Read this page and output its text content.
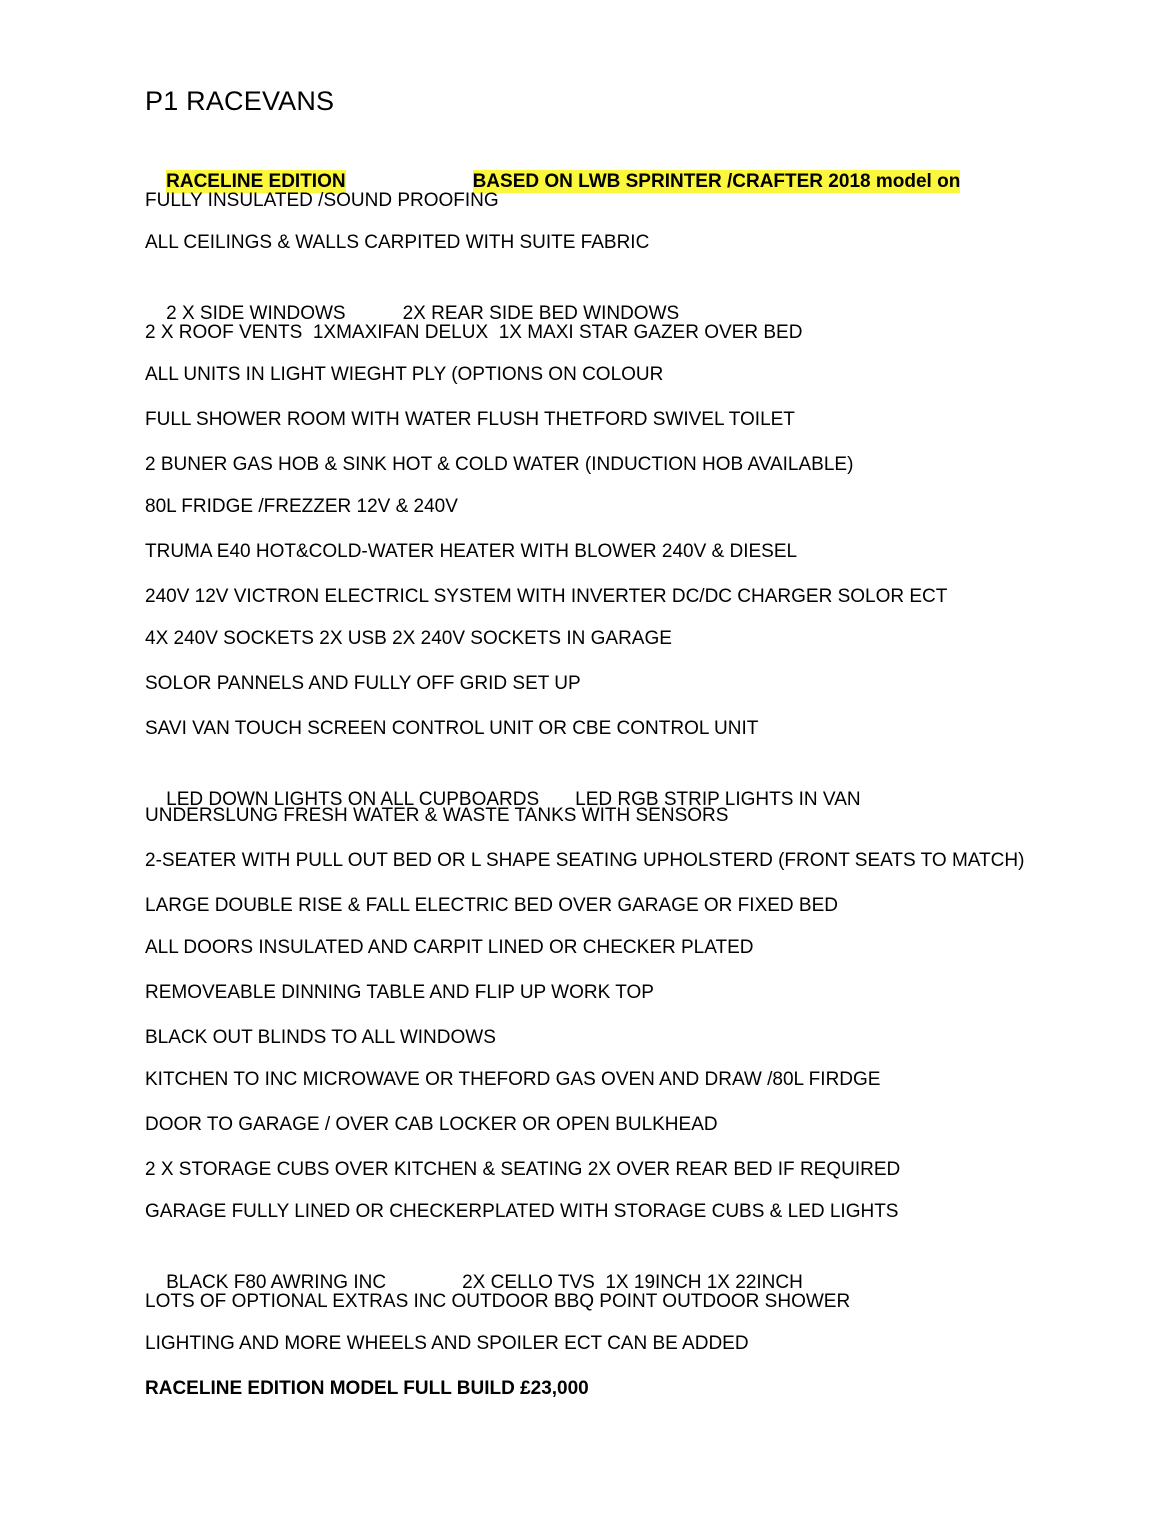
P1 RACEVANS

RACELINE EDITION	BASED ON LWB SPRINTER /CRAFTER 2018 model on

FULLY INSULATED /SOUND PROOFING
ALL CEILINGS & WALLS CARPITED WITH SUITE FABRIC

2 X SIDE WINDOWS	2X REAR SIDE BED WINDOWS

2 X ROOF VENTS  1XMAXIFAN DELUX  1X MAXI STAR GAZER OVER BED
ALL UNITS IN LIGHT WIEGHT PLY (OPTIONS ON COLOUR
FULL SHOWER ROOM WITH WATER FLUSH THETFORD SWIVEL TOILET
2 BUNER GAS HOB & SINK HOT & COLD WATER (INDUCTION HOB AVAILABLE)
80L FRIDGE /FREZZER 12V & 240V
TRUMA E40 HOT&COLD-WATER HEATER WITH BLOWER 240V & DIESEL
240V 12V VICTRON ELECTRICL SYSTEM WITH INVERTER DC/DC CHARGER SOLOR ECT
4X 240V SOCKETS 2X USB 2X 240V SOCKETS IN GARAGE
SOLOR PANNELS AND FULLY OFF GRID SET UP
SAVI VAN TOUCH SCREEN CONTROL UNIT OR CBE CONTROL UNIT

LED DOWN LIGHTS ON ALL CUPBOARDS LED RGB STRIP LIGHTS IN VAN

UNDERSLUNG FRESH WATER & WASTE TANKS WITH SENSORS
2-SEATER WITH PULL OUT BED OR L SHAPE SEATING UPHOLSTERD (FRONT SEATS TO MATCH)
LARGE DOUBLE RISE & FALL ELECTRIC BED OVER GARAGE OR FIXED BED
ALL DOORS INSULATED AND CARPIT LINED OR CHECKER PLATED
REMOVEABLE DINNING TABLE AND FLIP UP WORK TOP
BLACK OUT BLINDS TO ALL WINDOWS
KITCHEN TO INC MICROWAVE OR THEFORD GAS OVEN AND DRAW /80L FIRDGE
DOOR TO GARAGE / OVER CAB LOCKER OR OPEN BULKHEAD
2 X STORAGE CUBS OVER KITCHEN & SEATING 2X OVER REAR BED IF REQUIRED
GARAGE FULLY LINED OR CHECKERPLATED WITH STORAGE CUBS & LED LIGHTS

BLACK F80 AWRING INC	2X CELLO TVS  1X 19INCH 1X 22INCH

LOTS OF OPTIONAL EXTRAS INC OUTDOOR BBQ POINT OUTDOOR SHOWER
LIGHTING AND MORE WHEELS AND SPOILER ECT CAN BE ADDED
RACELINE EDITION MODEL FULL BUILD £23,000
